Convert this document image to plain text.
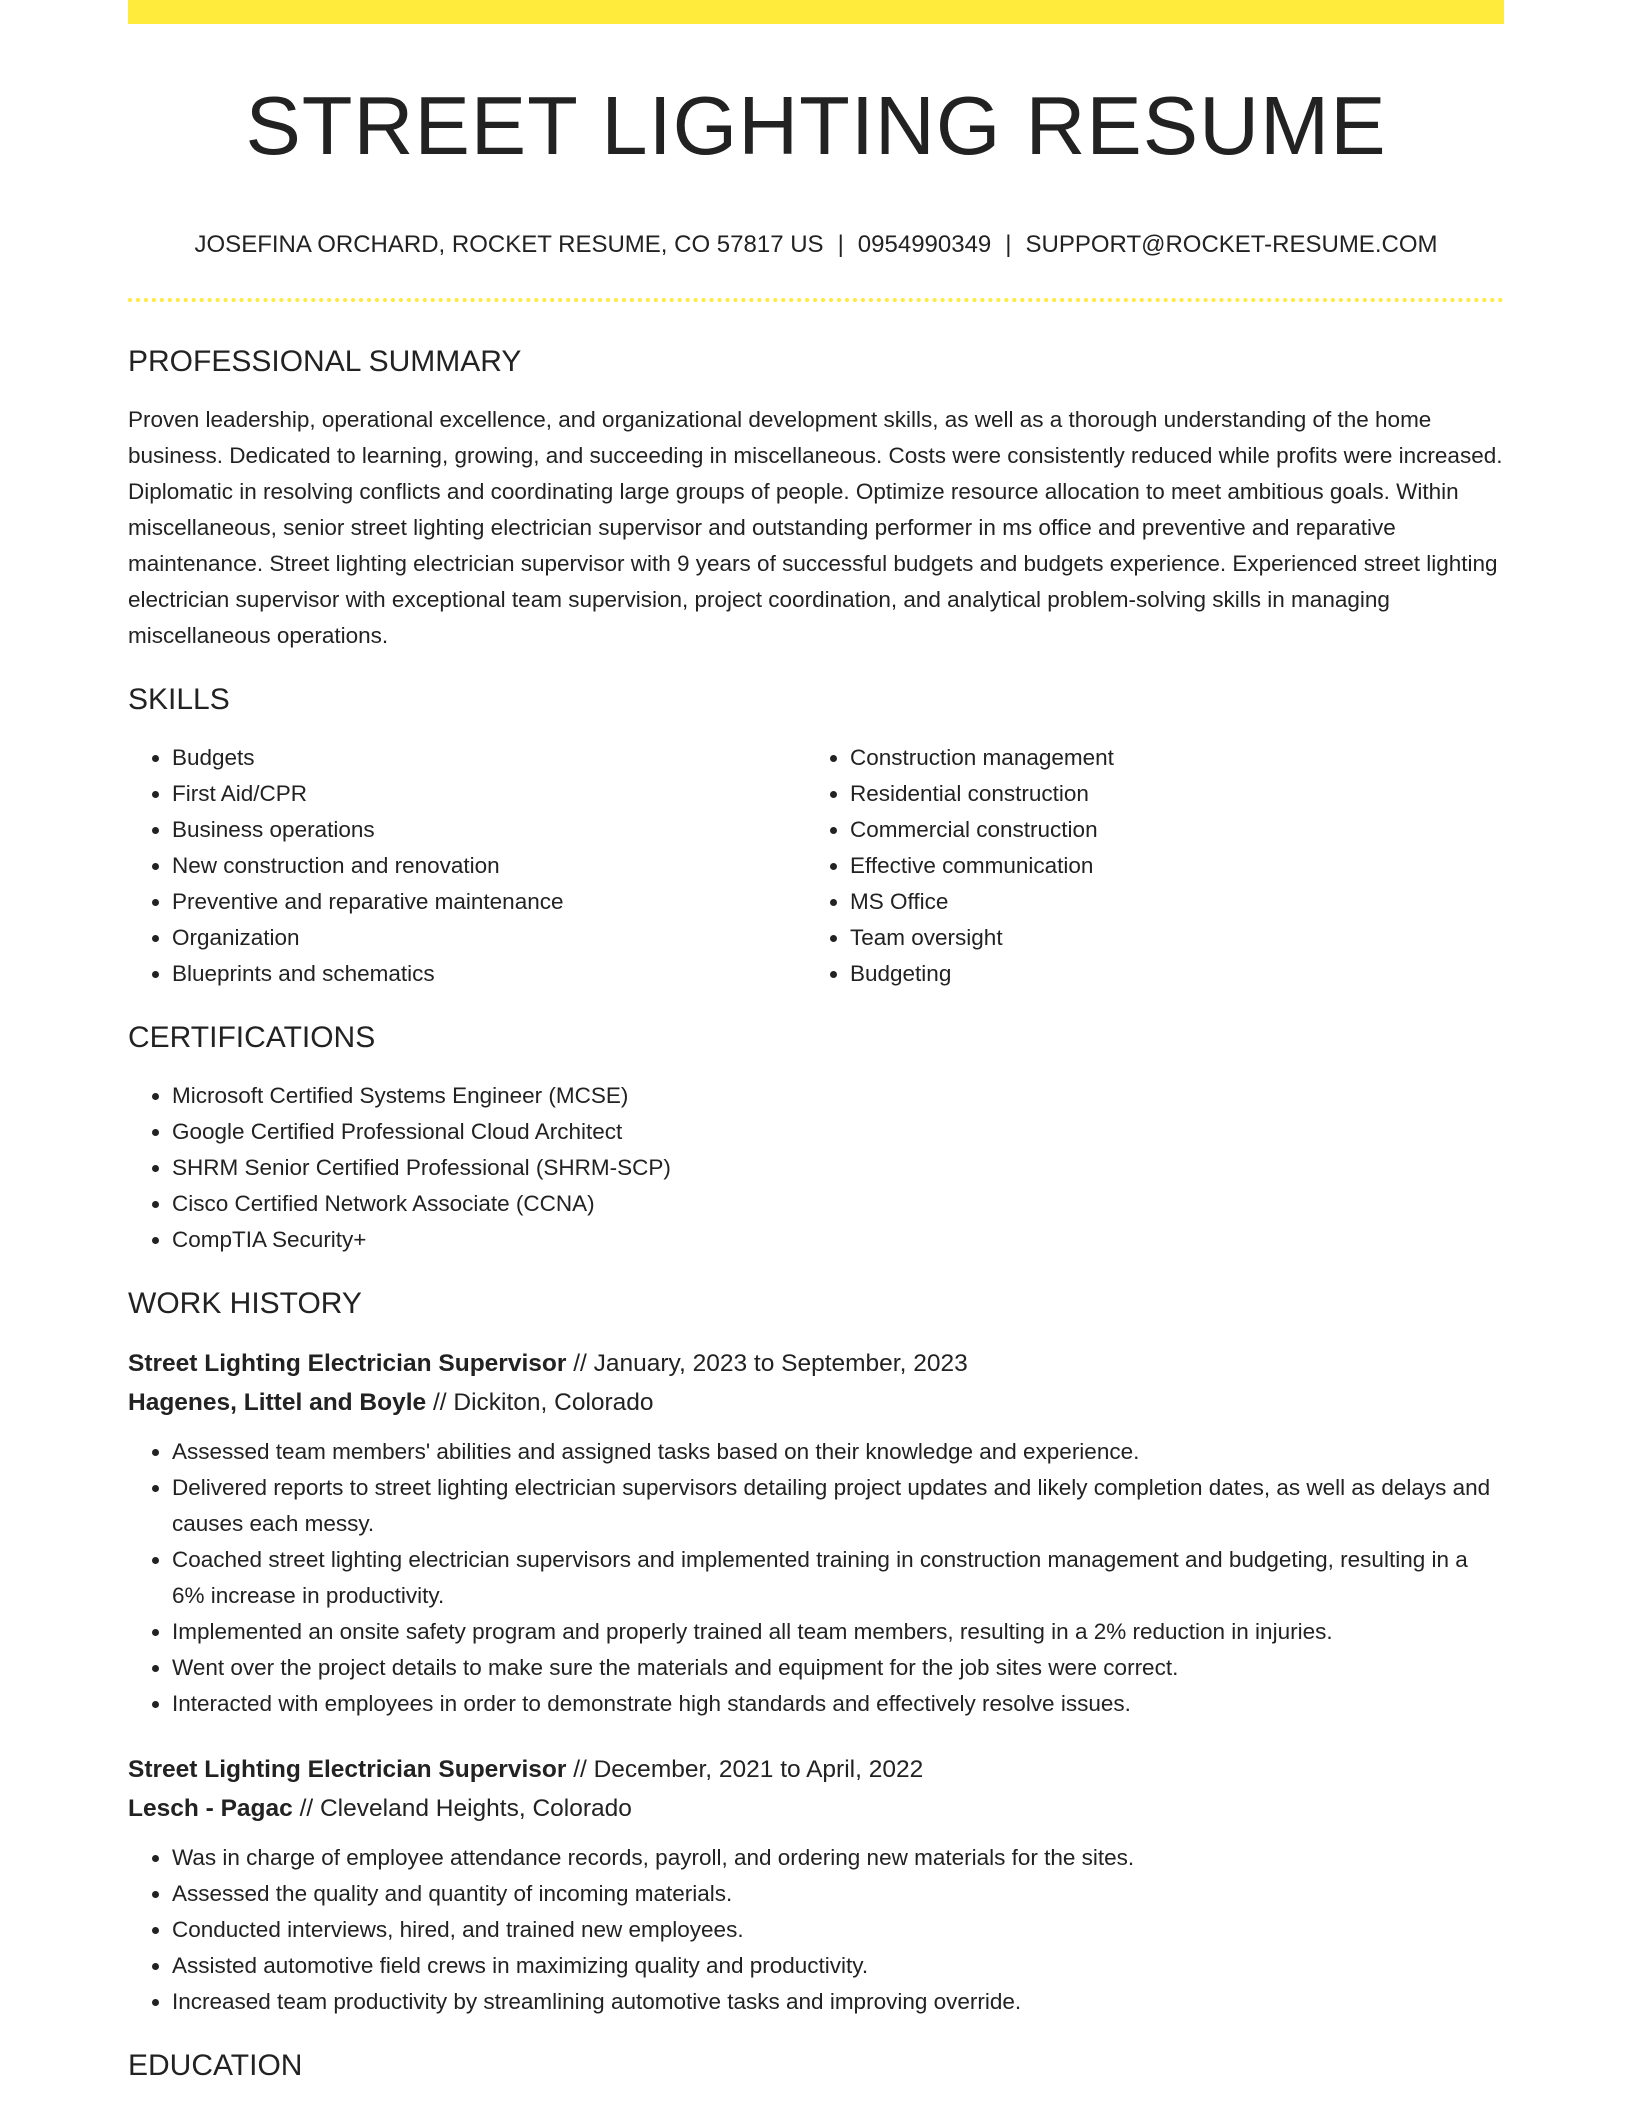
STREET LIGHTING RESUME
JOSEFINA ORCHARD, ROCKET RESUME, CO 57817 US | 0954990349 | SUPPORT@ROCKET-RESUME.COM
PROFESSIONAL SUMMARY
Proven leadership, operational excellence, and organizational development skills, as well as a thorough understanding of the home business. Dedicated to learning, growing, and succeeding in miscellaneous. Costs were consistently reduced while profits were increased. Diplomatic in resolving conflicts and coordinating large groups of people. Optimize resource allocation to meet ambitious goals. Within miscellaneous, senior street lighting electrician supervisor and outstanding performer in ms office and preventive and reparative maintenance. Street lighting electrician supervisor with 9 years of successful budgets and budgets experience. Experienced street lighting electrician supervisor with exceptional team supervision, project coordination, and analytical problem-solving skills in managing miscellaneous operations.
SKILLS
• Budgets
• First Aid/CPR
• Business operations
• New construction and renovation
• Preventive and reparative maintenance
• Organization
• Blueprints and schematics
• Construction management
• Residential construction
• Commercial construction
• Effective communication
• MS Office
• Team oversight
• Budgeting
CERTIFICATIONS
• Microsoft Certified Systems Engineer (MCSE)
• Google Certified Professional Cloud Architect
• SHRM Senior Certified Professional (SHRM-SCP)
• Cisco Certified Network Associate (CCNA)
• CompTIA Security+
WORK HISTORY
Street Lighting Electrician Supervisor // January, 2023 to September, 2023
Hagenes, Littel and Boyle // Dickiton, Colorado
• Assessed team members' abilities and assigned tasks based on their knowledge and experience.
• Delivered reports to street lighting electrician supervisors detailing project updates and likely completion dates, as well as delays and causes each messy.
• Coached street lighting electrician supervisors and implemented training in construction management and budgeting, resulting in a 6% increase in productivity.
• Implemented an onsite safety program and properly trained all team members, resulting in a 2% reduction in injuries.
• Went over the project details to make sure the materials and equipment for the job sites were correct.
• Interacted with employees in order to demonstrate high standards and effectively resolve issues.
Street Lighting Electrician Supervisor // December, 2021 to April, 2022
Lesch - Pagac // Cleveland Heights, Colorado
• Was in charge of employee attendance records, payroll, and ordering new materials for the sites.
• Assessed the quality and quantity of incoming materials.
• Conducted interviews, hired, and trained new employees.
• Assisted automotive field crews in maximizing quality and productivity.
• Increased team productivity by streamlining automotive tasks and improving override.
EDUCATION
